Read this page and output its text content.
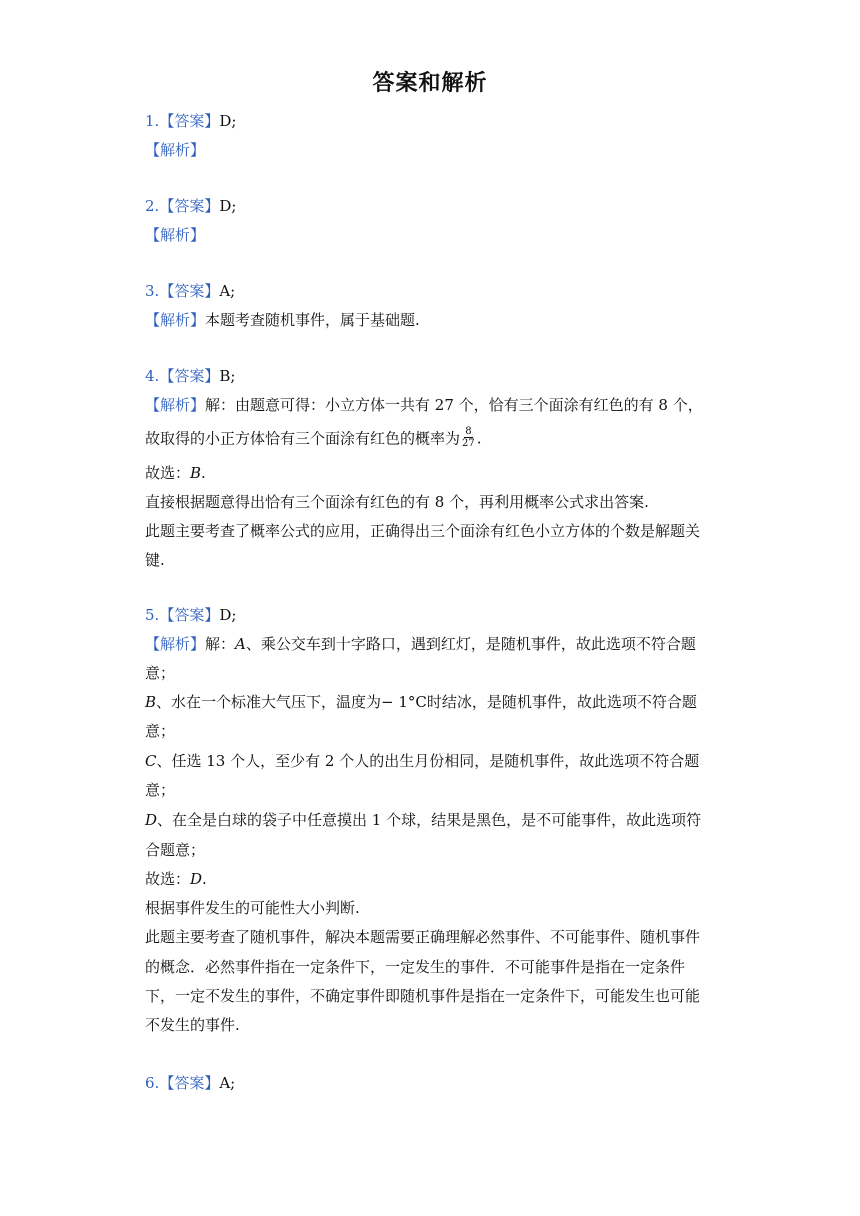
答案和解析
1.【答案】D;
【解析】
2.【答案】D;
【解析】
3.【答案】A;
【解析】本题考查随机事件，属于基础题.
4.【答案】B;
【解析】解：由题意可得：小立方体一共有 27 个，恰有三个面涂有红色的有 8 个，
故取得的小正方体恰有三个面涂有红色的概率为 $\frac{8}{27}$ .
故选：B.
直接根据题意得出恰有三个面涂有红色的有 8 个，再利用概率公式求出答案.
此题主要考查了概率公式的应用，正确得出三个面涂有红色小立方体的个数是解题关
键.
5.【答案】D;
【解析】解：A、乘公交车到十字路口，遇到红灯，是随机事件，故此选项不符合题
意；
B、水在一个标准大气压下，温度为− 1°C时结冰，是随机事件，故此选项不符合题
意；
C、任选 13 个人，至少有 2 个人的出生月份相同，是随机事件，故此选项不符合题
意；
D、在全是白球的袋子中任意摸出 1 个球，结果是黑色，是不可能事件，故此选项符
合题意；
故选：D.
根据事件发生的可能性大小判断.
此题主要考查了随机事件，解决本题需要正确理解必然事件、不可能事件、随机事件
的概念．必然事件指在一定条件下，一定发生的事件．不可能事件是指在一定条件
下，一定不发生的事件，不确定事件即随机事件是指在一定条件下，可能发生也可能
不发生的事件.
6.【答案】A;
